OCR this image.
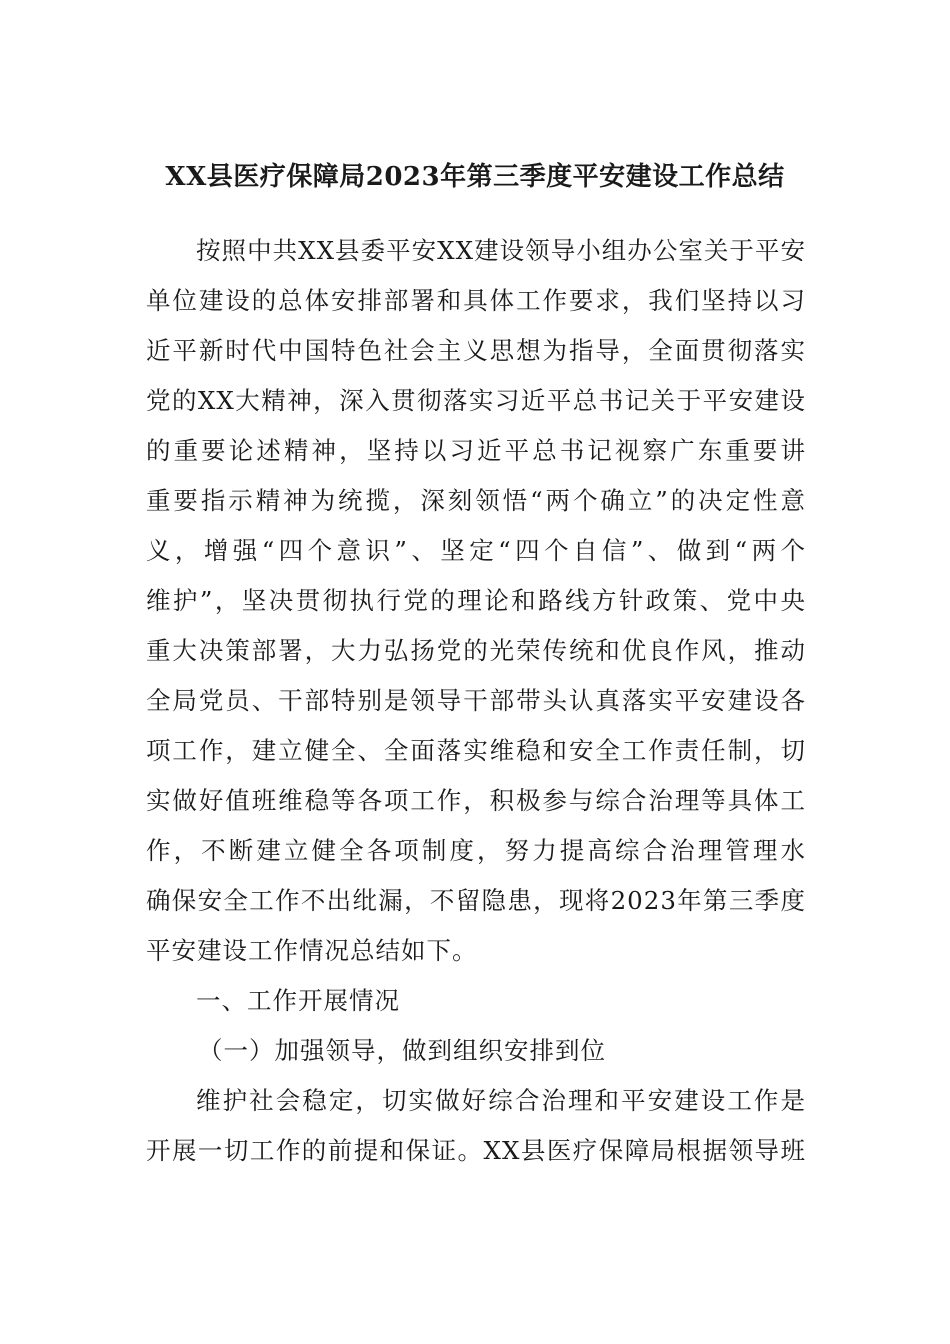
XX县医疗保障局2023年第三季度平安建设工作总结
按照中共XX县委平安XX建设领导小组办公室关于平安
单位建设的总体安排部署和具体工作要求，我们坚持以习
近平新时代中国特色社会主义思想为指导，全面贯彻落实
党的XX大精神，深入贯彻落实习近平总书记关于平安建设
的重要论述精神，坚持以习近平总书记视察广东重要讲
重要指示精神为统揽，深刻领悟“两个确立”的决定性意
义，增强“四个意识”、坚定“四个自信”、做到“两个
维护”，坚决贯彻执行党的理论和路线方针政策、党中央
重大决策部署，大力弘扬党的光荣传统和优良作风，推动
全局党员、干部特别是领导干部带头认真落实平安建设各
项工作，建立健全、全面落实维稳和安全工作责任制，切
实做好值班维稳等各项工作，积极参与综合治理等具体工
作，不断建立健全各项制度，努力提高综合治理管理水
确保安全工作不出纰漏，不留隐患，现将2023年第三季度
平安建设工作情况总结如下。
一、工作开展情况
（一）加强领导，做到组织安排到位
维护社会稳定，切实做好综合治理和平安建设工作是
开展一切工作的前提和保证。XX县医疗保障局根据领导班
